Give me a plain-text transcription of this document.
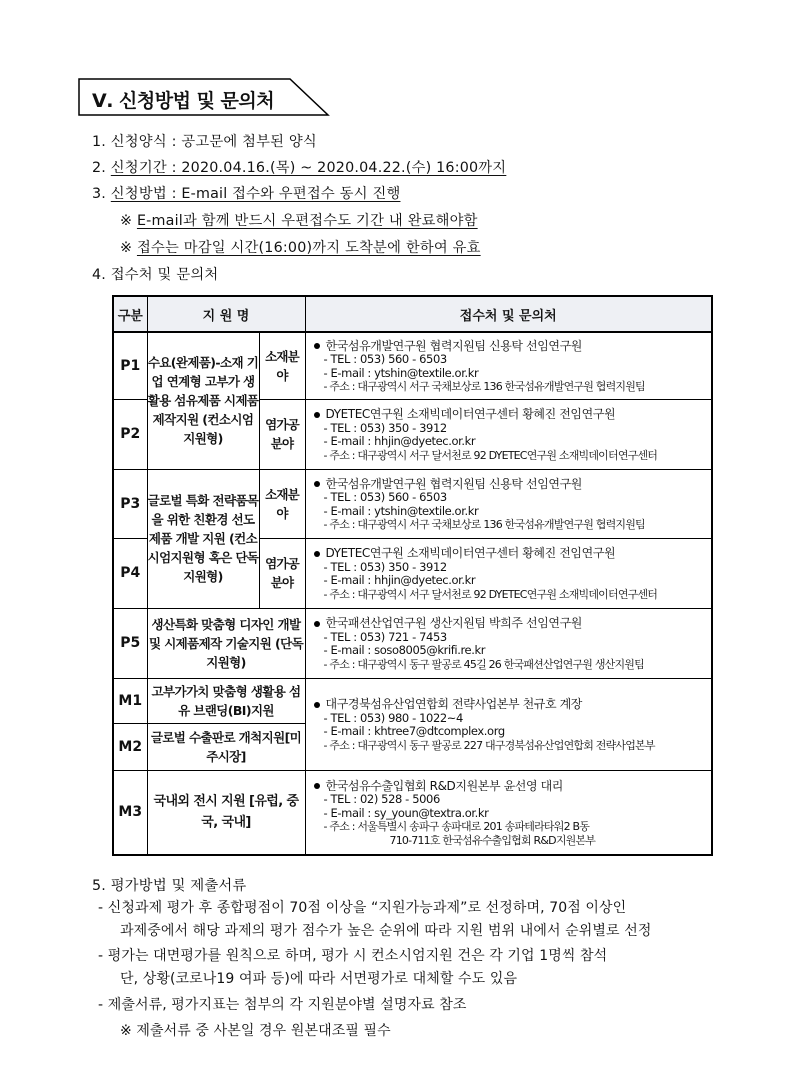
Ⅴ. 신청방법 및 문의처
1. 신청양식 : 공고문에 첨부된 양식
2. 신청기간 : 2020.04.16.(목) ~ 2020.04.22.(수) 16:00까지
3. 신청방법 : E-mail 접수와 우편접수 동시 진행
※ E-mail과 함께 반드시 우편접수도 기간 내 완료해야함
※ 접수는 마감일 시간(16:00)까지 도착분에 한하여 유효
4. 접수처 및 문의처
구분	지 원 명		접수처 및 문의처
P1	수요(완제품)-소재 기업 연계형 고부가 생활용 섬유제품 시제품 제작지원 (컨소시엄지원형)	소재분야	한국섬유개발연구원 협력지원팀 신용탁 선임연구원
- TEL : 053) 560 - 6503
- E-mail : ytshin@textile.or.kr
- 주소 : 대구광역시 서구 국채보상로 136 한국섬유개발연구원 협력지원팀

P2		염가공 분야	DYETEC연구원 소재빅데이터연구센터 황혜진 전임연구원
- TEL : 053) 350 - 3912
- E-mail : hhjin@dyetec.or.kr
- 주소 : 대구광역시 서구 달서천로 92 DYETEC연구원 소재빅데이터연구센터

P3	글로벌 특화 전략품목을 위한 친환경 선도제품 개발 지원 (컨소시엄지원형 혹은 단독지원형)	소재분야	한국섬유개발연구원 협력지원팀 신용탁 선임연구원
- TEL : 053) 560 - 6503
- E-mail : ytshin@textile.or.kr
- 주소 : 대구광역시 서구 국채보상로 136 한국섬유개발연구원 협력지원팀

P4		염가공 분야	DYETEC연구원 소재빅데이터연구센터 황혜진 전임연구원
- TEL : 053) 350 - 3912
- E-mail : hhjin@dyetec.or.kr
- 주소 : 대구광역시 서구 달서천로 92 DYETEC연구원 소재빅데이터연구센터

P5	생산특화 맞춤형 디자인 개발 및 시제품제작 기술지원 (단독지원형)		한국패션산업연구원 생산지원팀 박희주 선임연구원
- TEL : 053) 721 - 7453
- E-mail : soso8005@krifi.re.kr
- 주소 : 대구광역시 동구 팔공로 45길 26 한국패션산업연구원 생산지원팀

M1	고부가가치 맞춤형 생활용 섬유 브랜딩(BI)지원		대구경북섬유산업연합회 전략사업본부 천규호 계장
- TEL : 053) 980 - 1022~4
- E-mail : khtree7@dtcomplex.org
- 주소 : 대구광역시 동구 팔공로 227 대구경북섬유산업연합회 전략사업본부

M2	글로벌 수출판로 개척지원[미주시장]		
M3	국내외 전시 지원 [유럽, 중국, 국내]		한국섬유수출입협회 R&D지원본부 윤선영 대리
- TEL : 02) 528 - 5006
- E-mail : sy_youn@textra.or.kr
- 주소 : 서울특별시 송파구 송파대로 201 송파테라타워2 B동
710-711호 한국섬유수출입협회 R&D지원본부
5. 평가방법 및 제출서류
- 신청과제 평가 후 종합평점이 70점 이상을 “지원가능과제”로 선정하며, 70점 이상인
과제중에서 해당 과제의 평가 점수가 높은 순위에 따라 지원 범위 내에서 순위별로 선정
- 평가는 대면평가를 원칙으로 하며, 평가 시 컨소시엄지원 건은 각 기업 1명씩 참석
단, 상황(코로나19 여파 등)에 따라 서면평가로 대체할 수도 있음
- 제출서류, 평가지표는 첨부의 각 지원분야별 설명자료 참조
※ 제출서류 중 사본일 경우 원본대조필 필수
